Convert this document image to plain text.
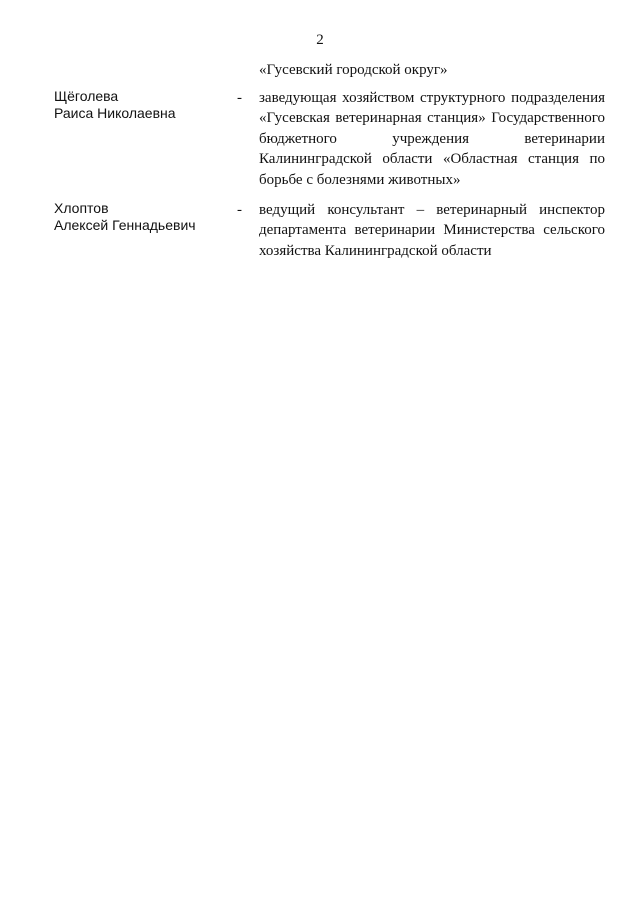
2
«Гусевский городской округ»
Щёголева
Раиса Николаевна
- заведующая хозяйством структурного подразделения
«Гусевская ветеринарная станция» Государственного
бюджетного учреждения ветеринарии
Калининградской области «Областная станция по
борьбе с болезнями животных»
Хлоптов
Алексей Геннадьевич
- ведущий консультант – ветеринарный инспектор
департамента ветеринарии Министерства сельского
хозяйства Калининградской области
